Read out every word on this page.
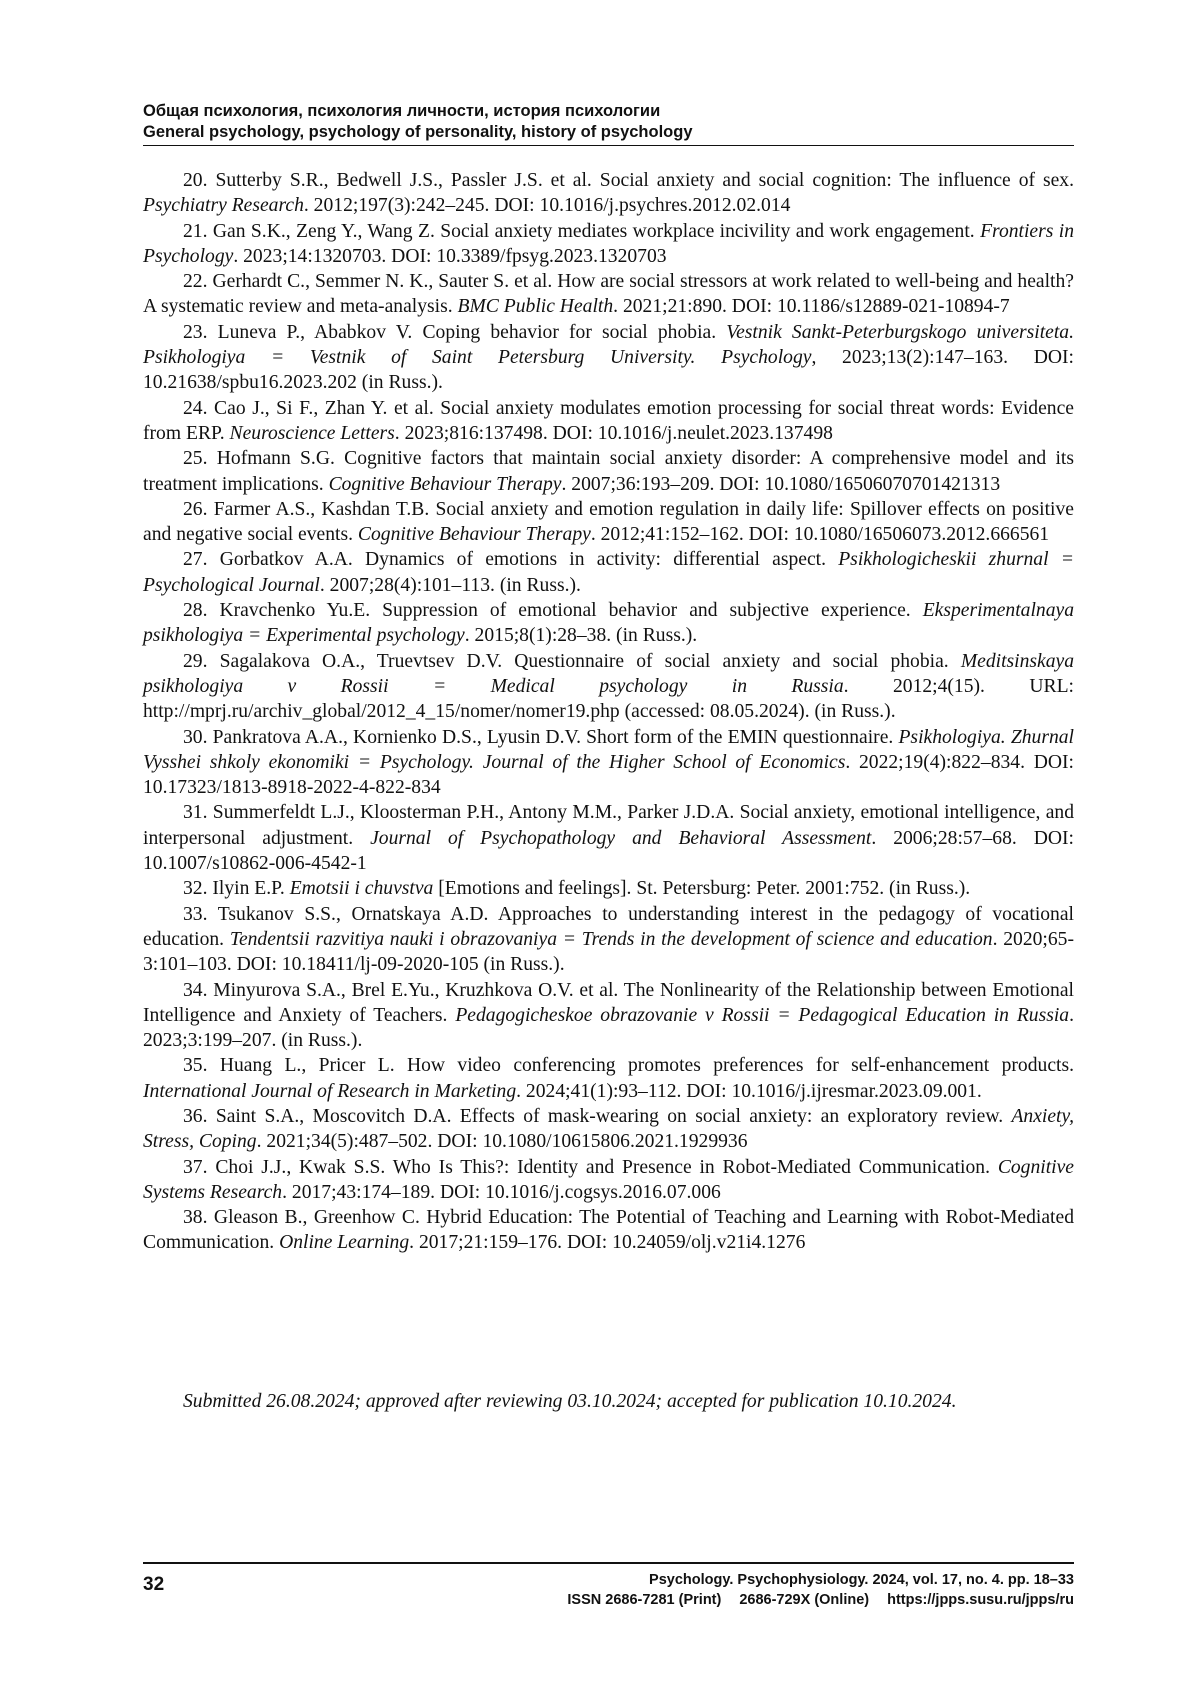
Общая психология, психология личности, история психологии
General psychology, psychology of personality, history of psychology

20. Sutterby S.R., Bedwell J.S., Passler J.S. et al. Social anxiety and social cognition: The influence of sex. Psychiatry Research. 2012;197(3):242–245. DOI: 10.1016/j.psychres.2012.02.014

21. Gan S.K., Zeng Y., Wang Z. Social anxiety mediates workplace incivility and work engagement. Frontiers in Psychology. 2023;14:1320703. DOI: 10.3389/fpsyg.2023.1320703

22. Gerhardt C., Semmer N. K., Sauter S. et al. How are social stressors at work related to well-being and health? A systematic review and meta-analysis. BMC Public Health. 2021;21:890. DOI: 10.1186/s12889-021-10894-7

23. Luneva P., Ababkov V. Coping behavior for social phobia. Vestnik Sankt-Peterburgskogo universiteta. Psikhologiya = Vestnik of Saint Petersburg University. Psychology, 2023;13(2):147–163. DOI: 10.21638/spbu16.2023.202 (in Russ.).

24. Cao J., Si F., Zhan Y. et al. Social anxiety modulates emotion processing for social threat words: Evidence from ERP. Neuroscience Letters. 2023;816:137498. DOI: 10.1016/j.neulet.2023.137498

25. Hofmann S.G. Cognitive factors that maintain social anxiety disorder: A comprehensive model and its treatment implications. Cognitive Behaviour Therapy. 2007;36:193–209. DOI: 10.1080/16506070701421313

26. Farmer A.S., Kashdan T.B. Social anxiety and emotion regulation in daily life: Spillover effects on positive and negative social events. Cognitive Behaviour Therapy. 2012;41:152–162. DOI: 10.1080/16506073.2012.666561

27. Gorbatkov A.A. Dynamics of emotions in activity: differential aspect. Psikhologicheskii zhurnal = Psychological Journal. 2007;28(4):101–113. (in Russ.).

28. Kravchenko Yu.E. Suppression of emotional behavior and subjective experience. Eksperimentalnaya psikhologiya = Experimental psychology. 2015;8(1):28–38. (in Russ.).

29. Sagalakova O.A., Truevtsev D.V. Questionnaire of social anxiety and social phobia. Meditsinskaya psikhologiya v Rossii = Medical psychology in Russia. 2012;4(15). URL: http://mprj.ru/archiv_global/2012_4_15/nomer/nomer19.php (accessed: 08.05.2024). (in Russ.).

30. Pankratova A.A., Kornienko D.S., Lyusin D.V. Short form of the EMIN questionnaire. Psikhologiya. Zhurnal Vysshei shkoly ekonomiki = Psychology. Journal of the Higher School of Economics. 2022;19(4):822–834. DOI: 10.17323/1813-8918-2022-4-822-834

31. Summerfeldt L.J., Kloosterman P.H., Antony M.M., Parker J.D.A. Social anxiety, emotional intelligence, and interpersonal adjustment. Journal of Psychopathology and Behavioral Assessment. 2006;28:57–68. DOI: 10.1007/s10862-006-4542-1

32. Ilyin E.P. Emotsii i chuvstva [Emotions and feelings]. St. Petersburg: Peter. 2001:752. (in Russ.).

33. Tsukanov S.S., Ornatskaya A.D. Approaches to understanding interest in the pedagogy of vocational education. Tendentsii razvitiya nauki i obrazovaniya = Trends in the development of science and education. 2020;65-3:101–103. DOI: 10.18411/lj-09-2020-105 (in Russ.).

34. Minyurova S.A., Brel E.Yu., Kruzhkova O.V. et al. The Nonlinearity of the Relationship between Emotional Intelligence and Anxiety of Teachers. Pedagogicheskoe obrazovanie v Rossii = Pedagogical Education in Russia. 2023;3:199–207. (in Russ.).

35. Huang L., Pricer L. How video conferencing promotes preferences for self-enhancement products. International Journal of Research in Marketing. 2024;41(1):93–112. DOI: 10.1016/j.ijresmar.2023.09.001.

36. Saint S.A., Moscovitch D.A. Effects of mask-wearing on social anxiety: an exploratory review. Anxiety, Stress, Coping. 2021;34(5):487–502. DOI: 10.1080/10615806.2021.1929936

37. Choi J.J., Kwak S.S. Who Is This?: Identity and Presence in Robot-Mediated Communication. Cognitive Systems Research. 2017;43:174–189. DOI: 10.1016/j.cogsys.2016.07.006

38. Gleason B., Greenhow C. Hybrid Education: The Potential of Teaching and Learning with Robot-Mediated Communication. Online Learning. 2017;21:159–176. DOI: 10.24059/olj.v21i4.1276

Submitted 26.08.2024; approved after reviewing 03.10.2024; accepted for publication 10.10.2024.
32	Psychology. Psychophysiology. 2024, vol. 17, no. 4. pp. 18–33
ISSN 2686-7281 (Print) 2686-729X (Online) https://jpps.susu.ru/jpps/ru
